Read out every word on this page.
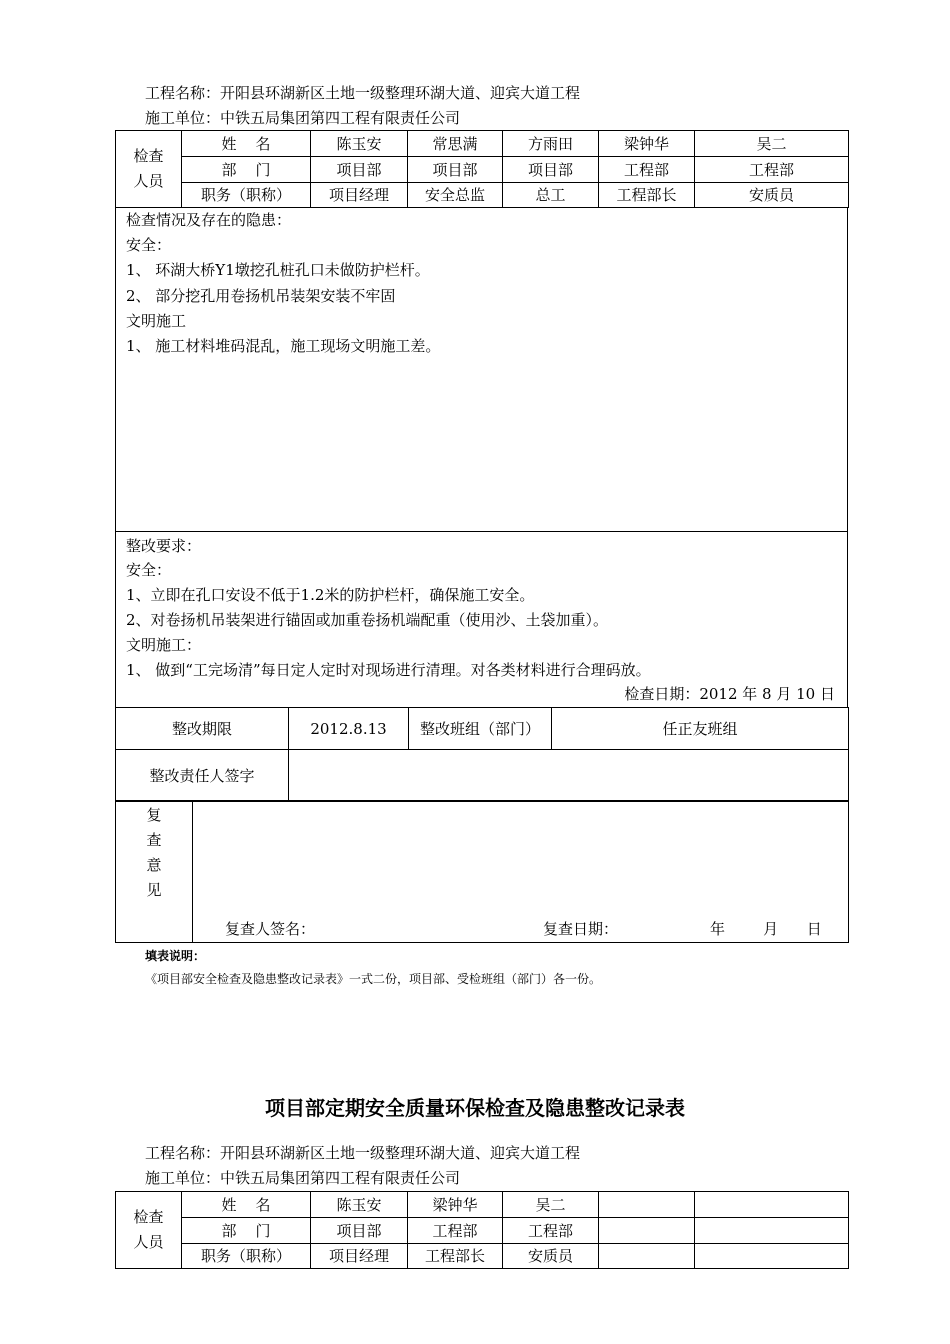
工程名称：开阳县环湖新区土地一级整理环湖大道、迎宾大道工程
施工单位：中铁五局集团第四工程有限责任公司
检查
人员	姓    名	陈玉安	常思满	方雨田	梁钟华	吴二
	部    门	项目部	项目部	项目部	工程部	工程部
	职务（职称）	项目经理	安全总监	总工	工程部长	安质员
检查情况及存在的隐患：
安全：
1、 环湖大桥Y1墩挖孔桩孔口未做防护栏杆。
2、 部分挖孔用卷扬机吊装架安装不牢固
文明施工
1、 施工材料堆码混乱，施工现场文明施工差。
整改要求：
安全：
1、立即在孔口安设不低于1.2米的防护栏杆，确保施工安全。
2、对卷扬机吊装架进行锚固或加重卷扬机端配重（使用沙、土袋加重）。
文明施工：
1、 做到“工完场清”每日定人定时对现场进行清理。对各类材料进行合理码放。
检查日期：2012 年 8 月 10 日
整改期限	2012.8.13	整改班组（部门）	任正友班组
整改责任人签字			
复
查
意
见

复查人签名：	复查日期：	年        月      日
填表说明：
《项目部安全检查及隐患整改记录表》一式二份，项目部、受检班组（部门）各一份。
项目部定期安全质量环保检查及隐患整改记录表
工程名称：开阳县环湖新区土地一级整理环湖大道、迎宾大道工程
施工单位：中铁五局集团第四工程有限责任公司
检查
人员	姓    名	陈玉安	梁钟华	吴二		
	部    门	项目部	工程部	工程部		
	职务（职称）	项目经理	工程部长	安质员		
